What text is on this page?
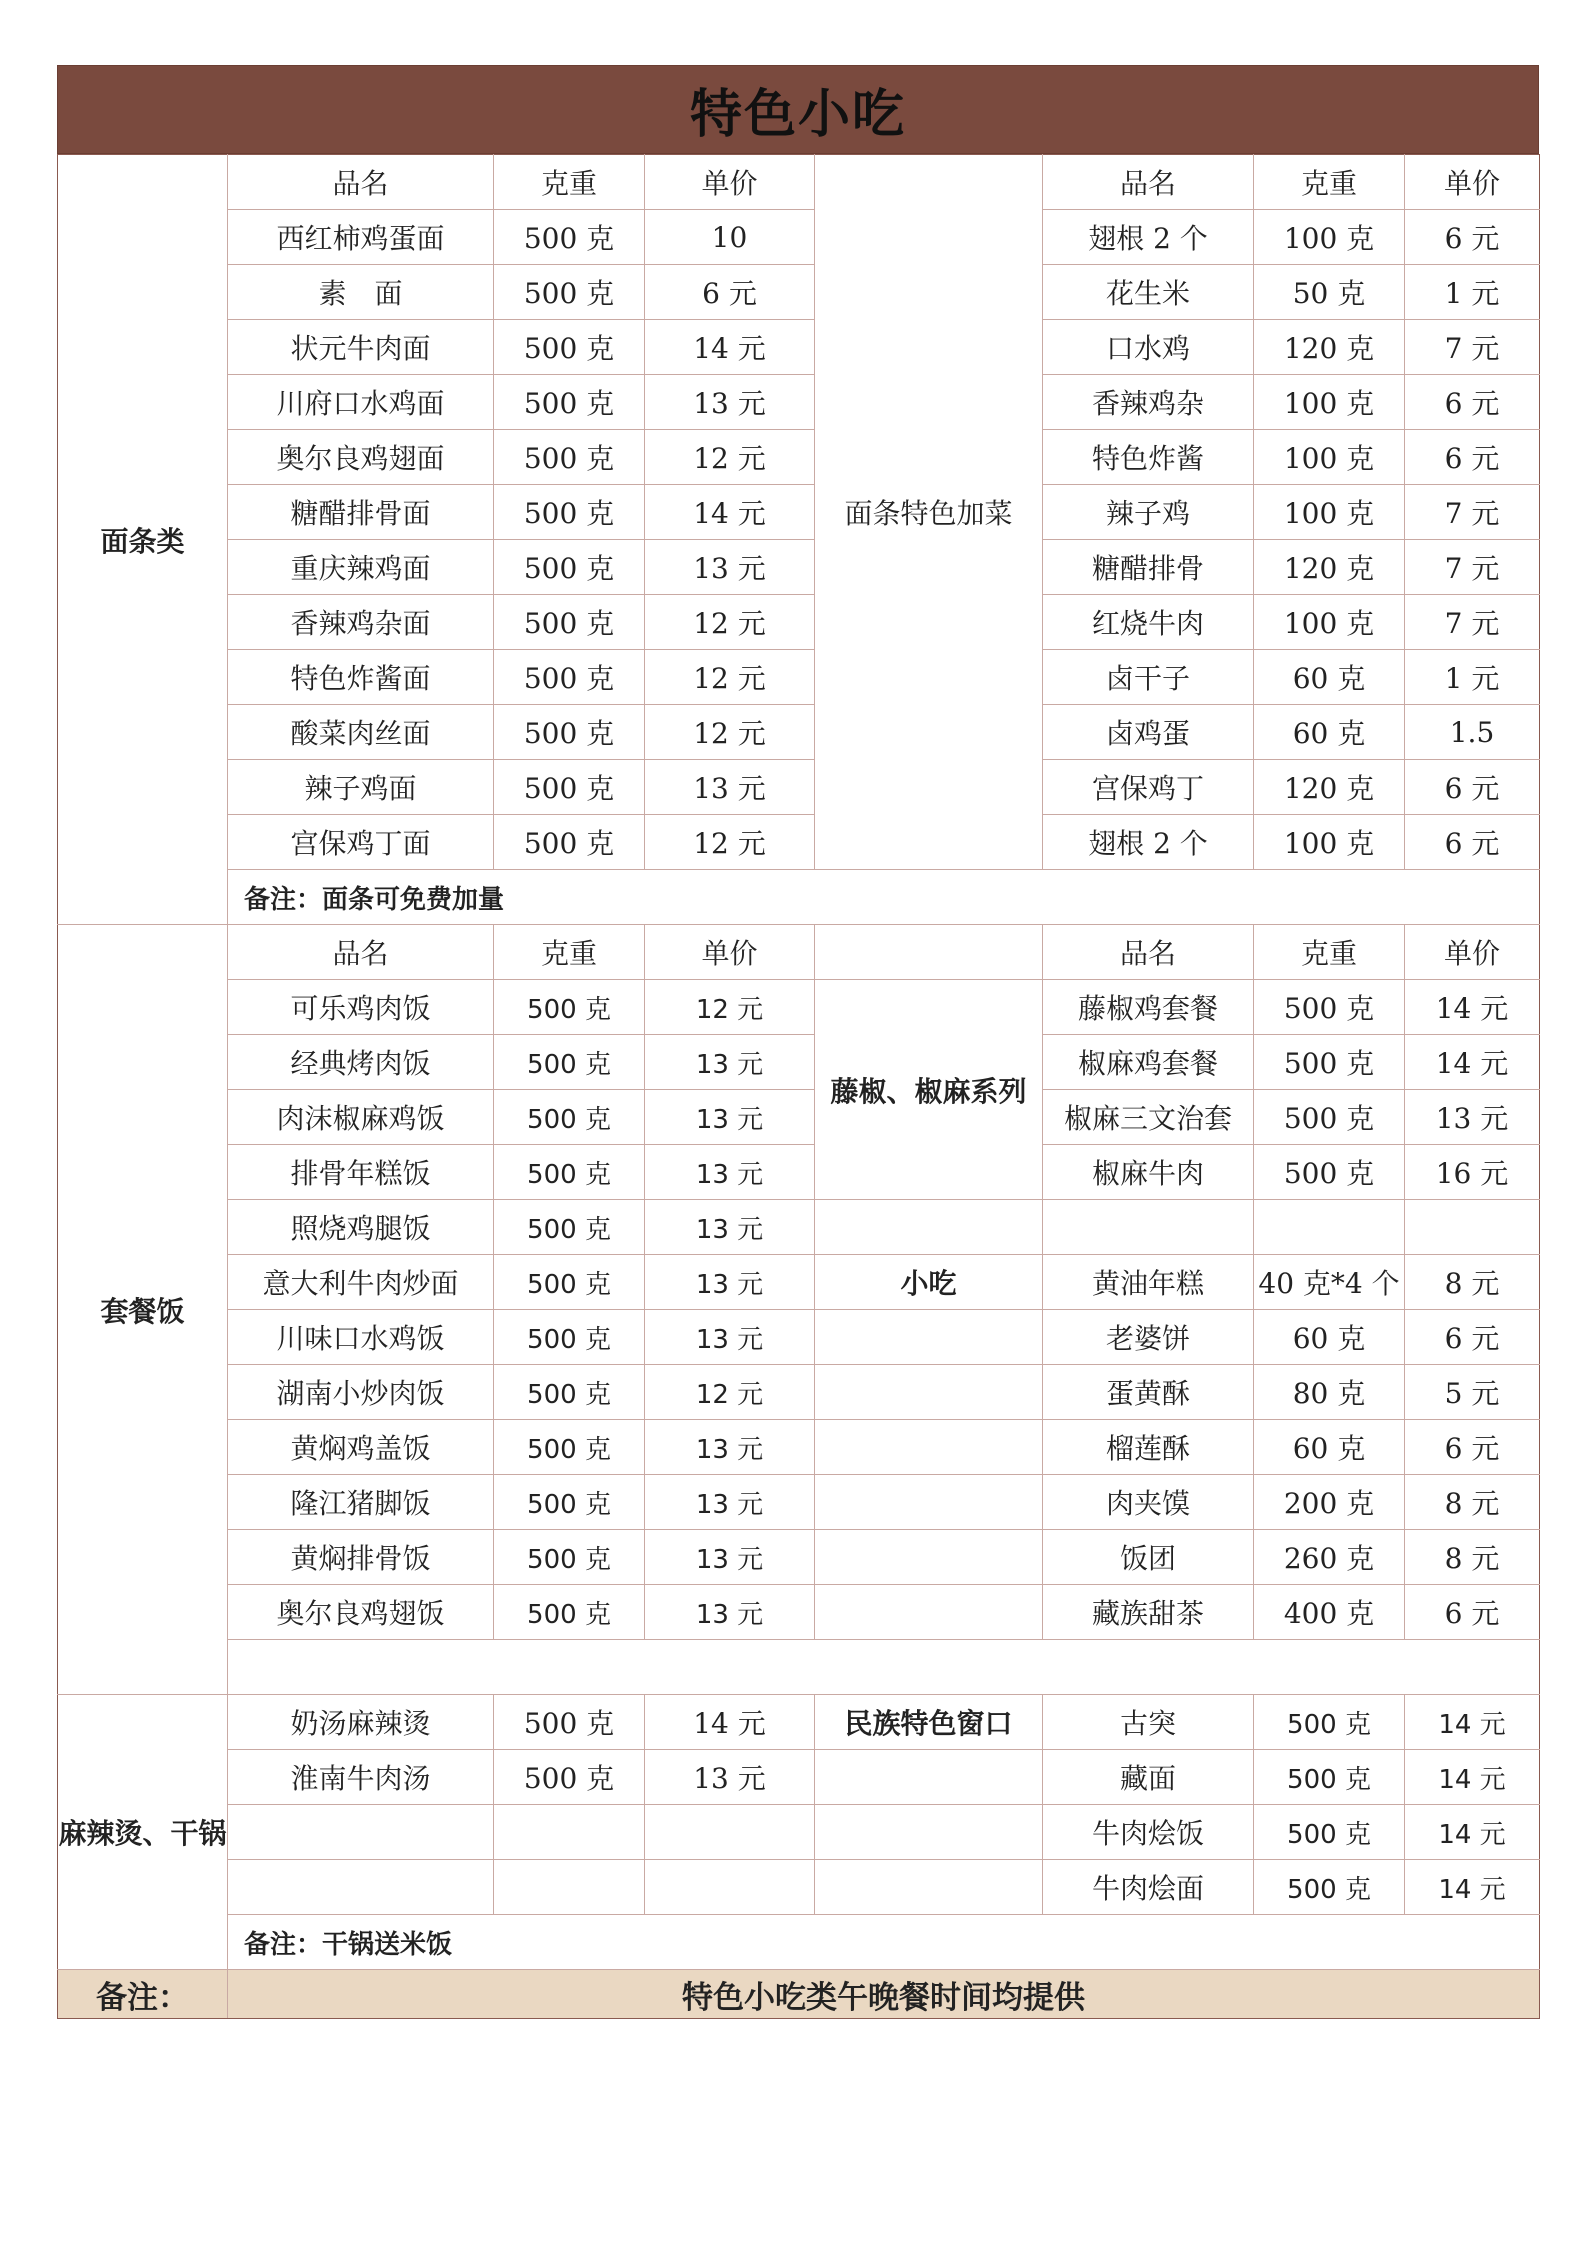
特色小吃
面条类	品名	克重	单价	面条特色加菜	品名	克重	单价
	西红柿鸡蛋面	500 克	10		翅根 2 个	100 克	6 元
	素　面	500 克	6 元		花生米	50 克	1 元
	状元牛肉面	500 克	14 元		口水鸡	120 克	7 元
	川府口水鸡面	500 克	13 元		香辣鸡杂	100 克	6 元
	奥尔良鸡翅面	500 克	12 元		特色炸酱	100 克	6 元
	糖醋排骨面	500 克	14 元		辣子鸡	100 克	7 元
	重庆辣鸡面	500 克	13 元		糖醋排骨	120 克	7 元
	香辣鸡杂面	500 克	12 元		红烧牛肉	100 克	7 元
	特色炸酱面	500 克	12 元		卤干子	60 克	1 元
	酸菜肉丝面	500 克	12 元		卤鸡蛋	60 克	1.5
	辣子鸡面	500 克	13 元		宫保鸡丁	120 克	6 元
	宫保鸡丁面	500 克	12 元		翅根 2 个	100 克	6 元
	备注：面条可免费加量						
套餐饭	品名	克重	单价		品名	克重	单价
	可乐鸡肉饭	500 克	12 元	藤椒、椒麻系列	藤椒鸡套餐	500 克	14 元
	经典烤肉饭	500 克	13 元		椒麻鸡套餐	500 克	14 元
	肉沫椒麻鸡饭	500 克	13 元		椒麻三文治套	500 克	13 元
	排骨年糕饭	500 克	13 元		椒麻牛肉	500 克	16 元
	照烧鸡腿饭	500 克	13 元				
	意大利牛肉炒面	500 克	13 元	小吃	黄油年糕	40 克*4 个	8 元
	川味口水鸡饭	500 克	13 元		老婆饼	60 克	6 元
	湖南小炒肉饭	500 克	12 元		蛋黄酥	80 克	5 元
	黄焖鸡盖饭	500 克	13 元		榴莲酥	60 克	6 元
	隆江猪脚饭	500 克	13 元		肉夹馍	200 克	8 元
	黄焖排骨饭	500 克	13 元		饭团	260 克	8 元
	奥尔良鸡翅饭	500 克	13 元		藏族甜茶	400 克	6 元

麻辣烫、干锅	奶汤麻辣烫	500 克	14 元	民族特色窗口	古突	500 克	14 元
	淮南牛肉汤	500 克	13 元		藏面	500 克	14 元
					牛肉烩饭	500 克	14 元
					牛肉烩面	500 克	14 元
	备注：干锅送米饭						
备注：	特色小吃类午晚餐时间均提供						
